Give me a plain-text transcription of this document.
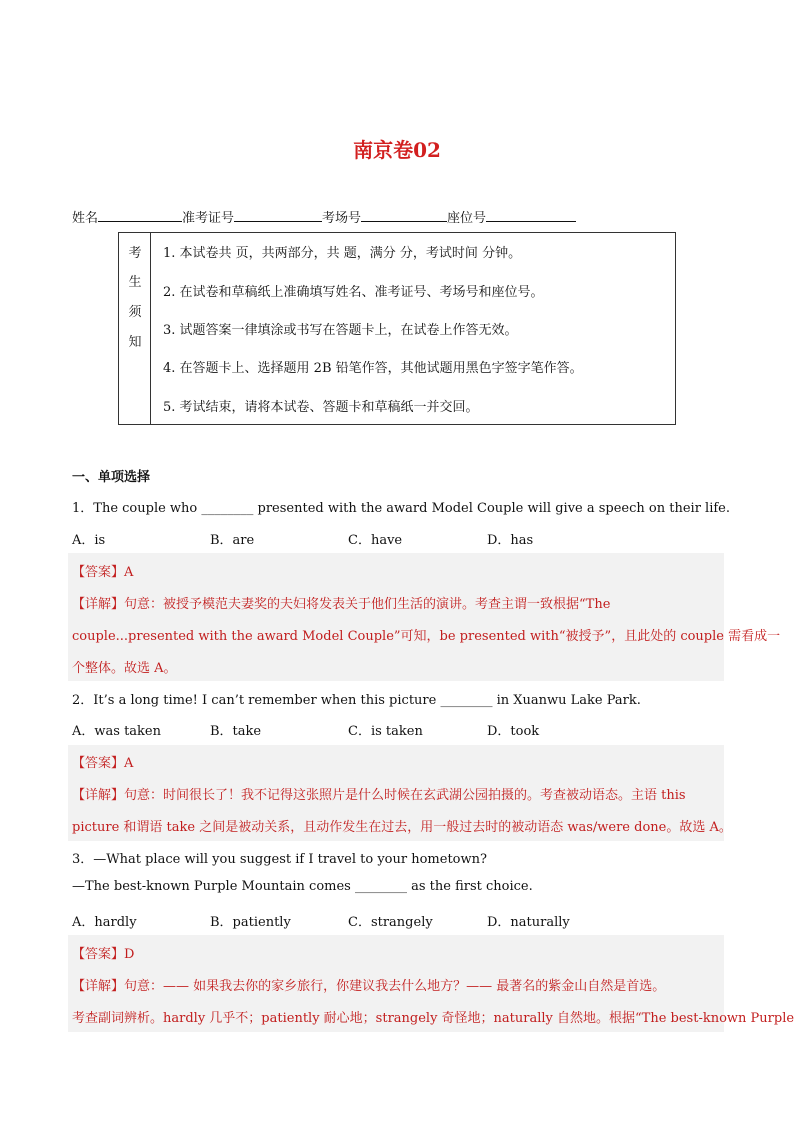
南京卷02
姓名	准考证号	考场号	座位号
考
生
须
知
1. 本试卷共 页，共两部分，共 题，满分 分，考试时间 分钟。
2. 在试卷和草稿纸上准确填写姓名、准考证号、考场号和座位号。
3. 试题答案一律填涂或书写在答题卡上，在试卷上作答无效。
4. 在答题卡上、选择题用 2B 铅笔作答，其他试题用黑色字签字笔作答。
5. 考试结束，请将本试卷、答题卡和草稿纸一并交回。
一、单项选择
1．The couple who ________ presented with the award Model Couple will give a speech on their life.
A．is	B．are	C．have	D．has
【答案】A
【详解】句意：被授予模范夫妻奖的夫妇将发表关于他们生活的演讲。考查主谓一致根据“The
couple...presented with the award Model Couple”可知，be presented with“被授予”，且此处的 couple 需看成一
个整体。故选 A。
2．It’s a long time! I can’t remember when this picture ________ in Xuanwu Lake Park.
A．was taken	B．take	C．is taken	D．took
【答案】A
【详解】句意：时间很长了！我不记得这张照片是什么时候在玄武湖公园拍摄的。考查被动语态。主语 this
picture 和谓语 take 之间是被动关系，且动作发生在过去，用一般过去时的被动语态 was/were done。故选 A。
3．—What place will you suggest if I travel to your hometown?
—The best-known Purple Mountain comes ________ as the first choice.
A．hardly	B．patiently	C．strangely	D．naturally
【答案】D
【详解】句意：—— 如果我去你的家乡旅行，你建议我去什么地方？—— 最著名的紫金山自然是首选。
考查副词辨析。hardly 几乎不；patiently 耐心地；strangely 奇怪地；naturally 自然地。根据“The best-known Purple
